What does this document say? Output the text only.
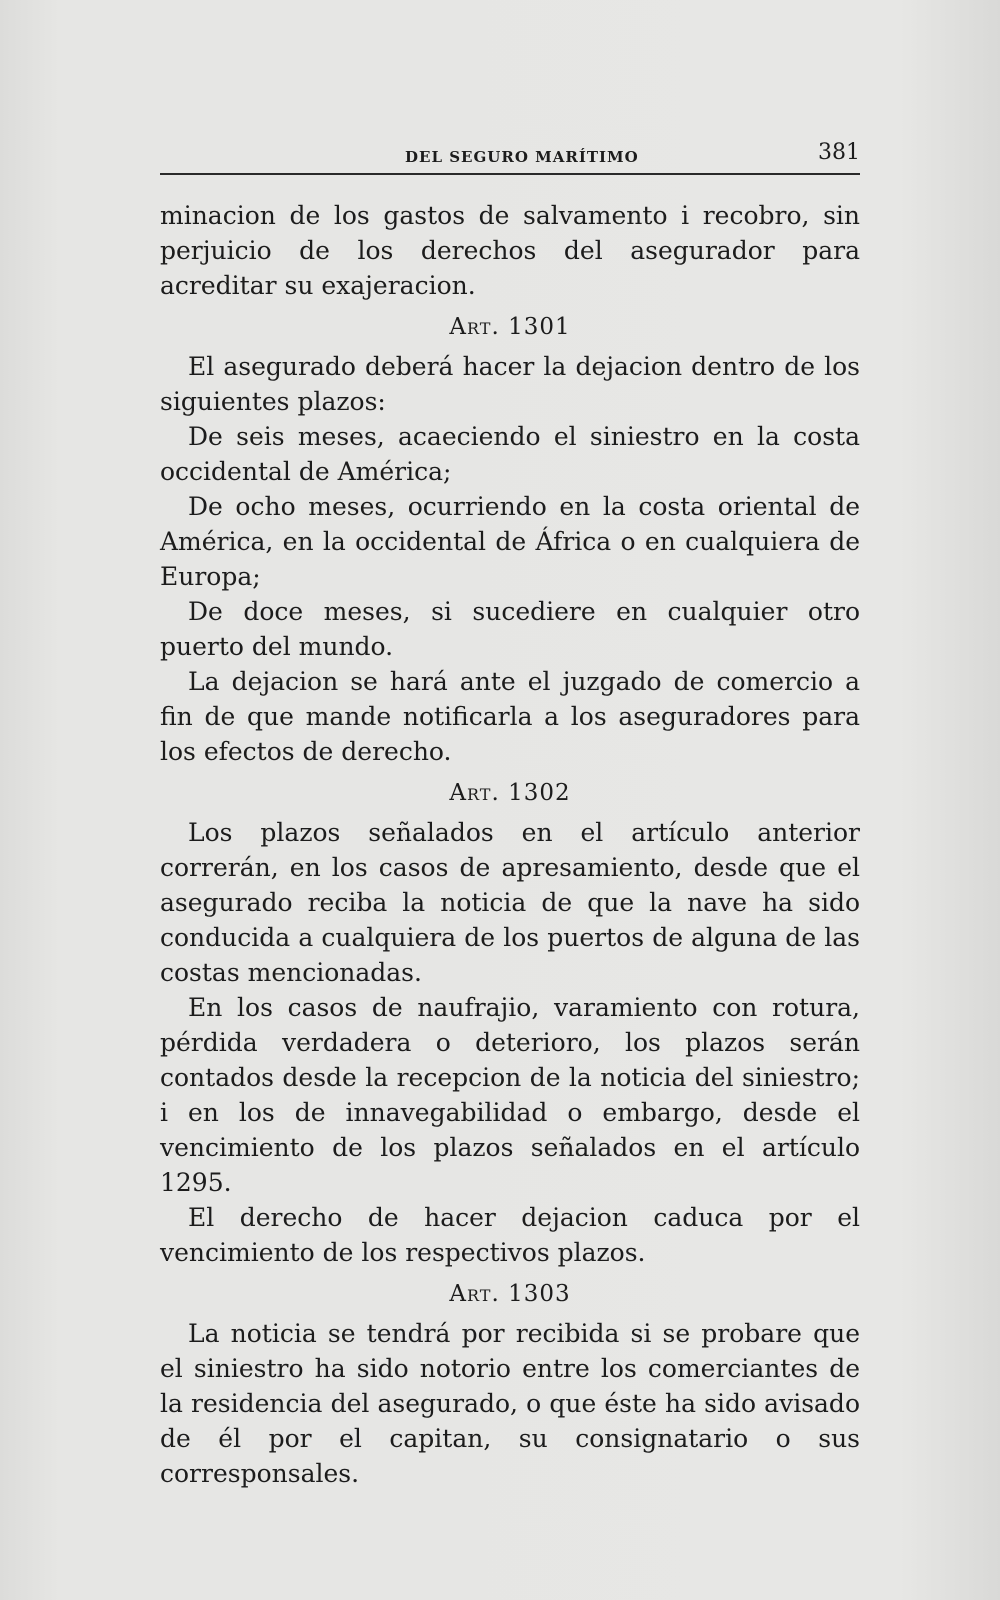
DEL SEGURO MARÍTIMO	381

minacion de los gastos de salvamento i recobro, sin perjuicio de los derechos del asegurador para acreditar su exajeracion.

Art. 1301

El asegurado deberá hacer la dejacion dentro de los siguientes plazos:

De seis meses, acaeciendo el siniestro en la costa occidental de América;

De ocho meses, ocurriendo en la costa oriental de América, en la occidental de África o en cualquiera de Europa;

De doce meses, si sucediere en cualquier otro puerto del mundo.

La dejacion se hará ante el juzgado de comercio a fin de que mande notificarla a los aseguradores para los efectos de derecho.

Art. 1302

Los plazos señalados en el artículo anterior correrán, en los casos de apresamiento, desde que el asegurado reciba la noticia de que la nave ha sido conducida a cualquiera de los puertos de alguna de las costas mencionadas.

En los casos de naufrajio, varamiento con rotura, pérdida verdadera o deterioro, los plazos serán contados desde la recepcion de la noticia del siniestro; i en los de innavegabilidad o embargo, desde el vencimiento de los plazos señalados en el artículo 1295.

El derecho de hacer dejacion caduca por el vencimiento de los respectivos plazos.

Art. 1303

La noticia se tendrá por recibida si se probare que el siniestro ha sido notorio entre los comerciantes de la residencia del asegurado, o que éste ha sido avisado de él por el capitan, su consignatario o sus corresponsales.
